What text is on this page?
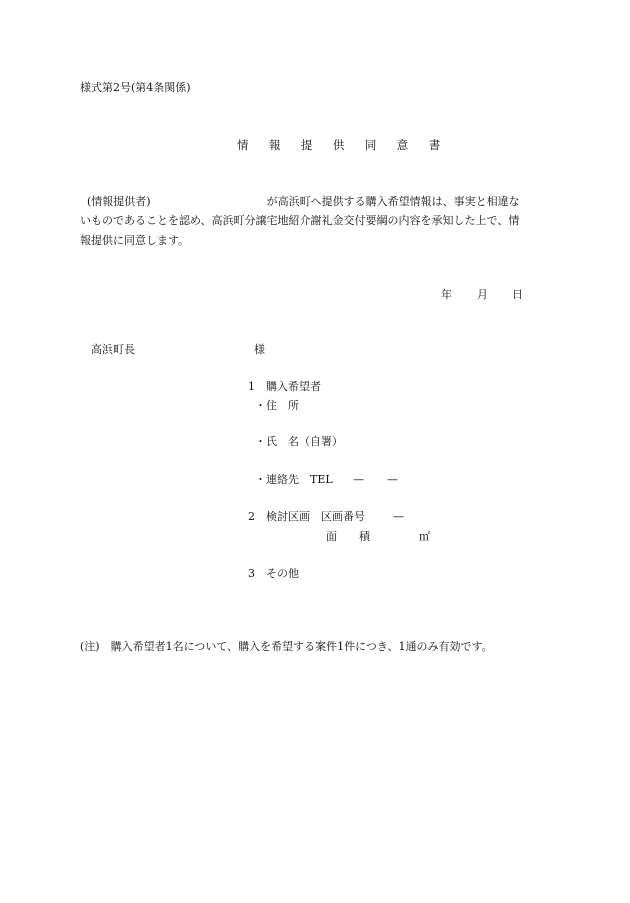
様式第2号(第4条関係)
情 報 提 供 同 意 書
(情報提供者)	が高浜町へ提供する購入希望情報は、事実と相違な
いものであることを認め、高浜町分譲宅地紹介謝礼金交付要綱の内容を承知した上で、情
報提供に同意します。
年 月 日
高浜町長	様
1　購入希望者
・住　所
・氏　名（自署）
・連絡先　TEL — —
2　検討区画　区画番号	—
面　　積	㎡
3　その他
(注)　購入希望者1名について、購入を希望する案件1件につき、1通のみ有効です。
